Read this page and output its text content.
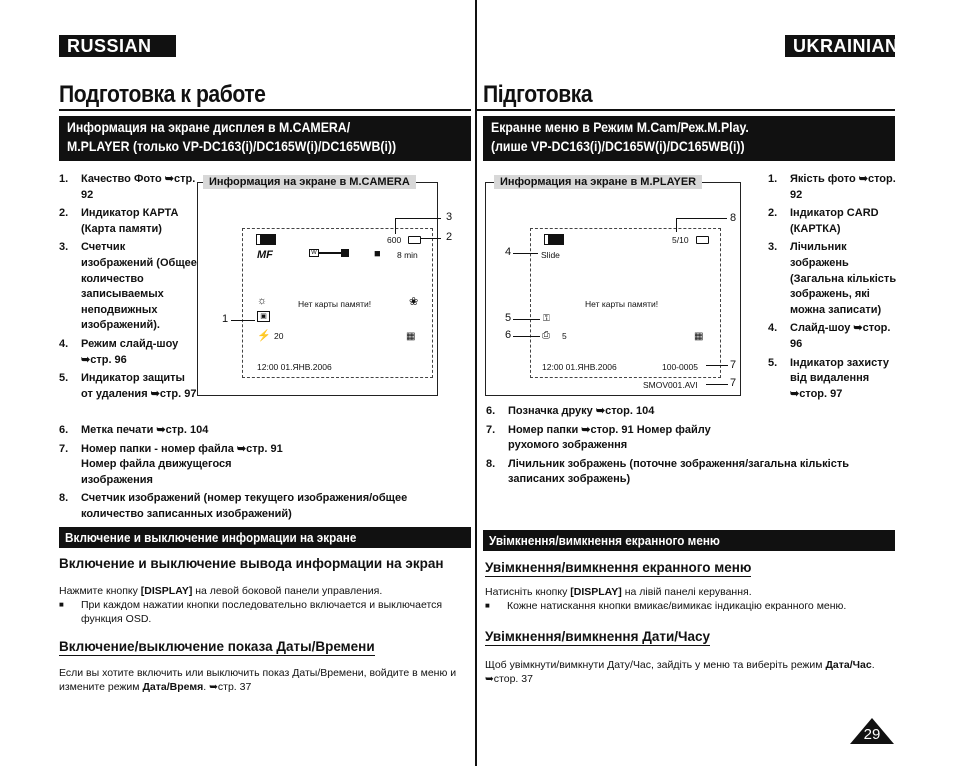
RUSSIAN
Подготовка к работе
Информация на экране дисплея в M.CAMERA/
M.PLAYER (только VP-DC163(i)/DC165W(i)/DC165WB(i))
1.	Качество Фото ➥стр. 92
2.	Индикатор КАРТА (Карта памяти)
3.	Счетчик изображений (Общее количество записываемых неподвижных изображений).
4.	Режим слайд-шоу ➥стр. 96
5.	Индикатор защиты от удаления ➥стр. 97
6.	Метка печати ➥стр. 104
7.	Номер папки - номер файла ➥стр. 91 Номер файла движущегося изображения
8.	Счетчик изображений (номер текущего изображения/общее количество записанных изображений)
Информация на экране в M.CAMERA
MF	W
600
■ 8 min
☼	❀
Нет карты памяти!
▣
⚡ 20	▦
12:00 01.ЯНВ.2006
3
2
1
Включение и выключение информации на экране
Включение и выключение вывода информации на экран
Нажмите кнопку [DISPLAY] на левой боковой панели управления.
■	При каждом нажатии кнопки последовательно включается и выключается функция OSD.
Включение/выключение показа Даты/Времени
Если вы хотите включить или выключить показ Даты/Времени, войдите в меню и измените режим Дата/Время. ➥стр. 37
UKRAINIAN
Підготовка
Екранне меню в Режим M.Cam/Реж.M.Play.
(лише VP-DC163(i)/DC165W(i)/DC165WB(i))
Информация на экране в M.PLAYER
5/10
Slide
Нет карты памяти!
⚿
⎙ 5	▦
12:00 01.ЯНВ.2006	100-0005
SMOV001.AVI
8
4
5
6
7
7
1.	Якість фото ➥стор. 92
2.	Індикатор CARD (КАРТКА)
3.	Лічильник зображень (Загальна кількість зображень, які можна записати)
4.	Слайд-шоу ➥стор. 96
5.	Індикатор захисту від видалення ➥стор. 97
6.	Позначка друку ➥стор. 104
7.	Номер папки ➥стор. 91 Номер файлу рухомого зображення
8.	Лічильник зображень (поточне зображення/загальна кількість записаних зображень)
Увімкнення/вимкнення екранного меню
Увімкнення/вимкнення екранного меню
Натисніть кнопку [DISPLAY] на лівій панелі керування.
■	Кожне натискання кнопки вмикає/вимикає індикацію екранного меню.
Увімкнення/вимкнення Дати/Часу
Щоб увімкнути/вимкнути Дату/Час, зайдіть у меню та виберіть режим Дата/Час. ➥стор. 37
29
